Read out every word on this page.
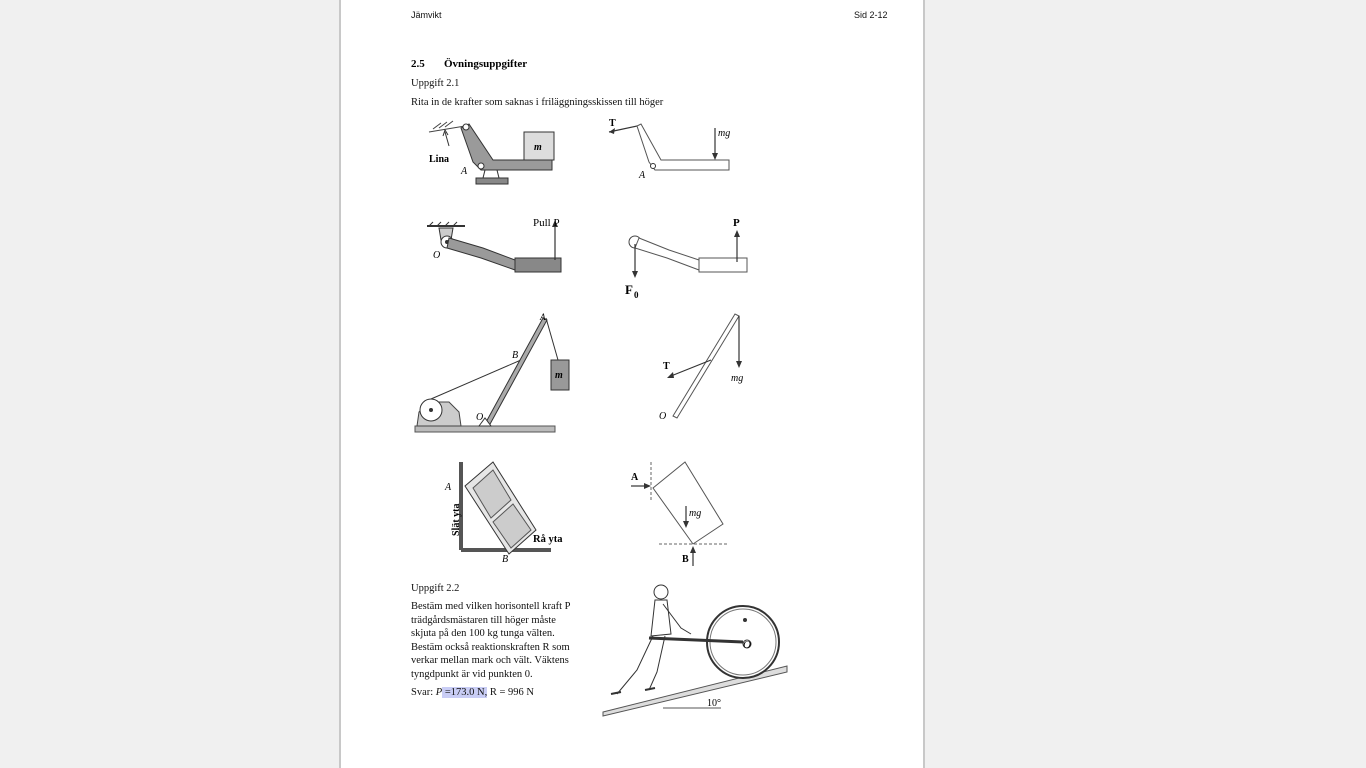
Jämvikt	Sid 2-12
2.5 Övningsuppgifter
Uppgift 2.1
Rita in de krafter som saknas i friläggningsskissen till höger
Lina
A
m
T
mg
A
Pull P
O
P
F 0
A
B
O
m
T
mg
O
A
Slät yta
Rå yta
B
A
mg
B
Uppgift 2.2
Bestäm med vilken horisontell kraft P
trädgårdsmästaren till höger måste
skjuta på den 100 kg tunga välten.
Bestäm också reaktionskraften R som
verkar mellan mark och vält. Väktens
tyngdpunkt är vid punkten 0.
Svar: P =173.0 N, R = 996 N
10°
O
